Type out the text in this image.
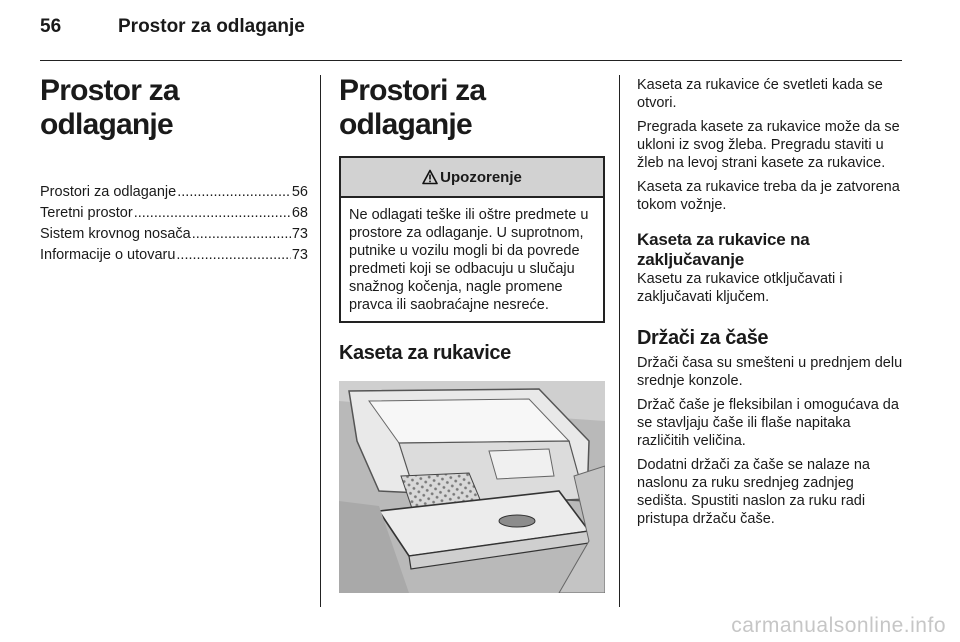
56	Prostor za odlaganje
Prostor za odlaganje
Prostori za odlaganje .....	56
Teretni prostor .....	68
Sistem krovnog nosača .....	73
Informacije o utovaru .....	73
Prostori za odlaganje
Upozorenje
Ne odlagati teške ili oštre predmete u prostore za odlaganje. U suprotnom, putnike u vozilu mogli bi da povrede predmeti koji se odbacuju u slučaju snažnog kočenja, nagle promene pravca ili saobraćajne nesreće.
Kaseta za rukavice

Kaseta za rukavice će svetleti kada se otvori.

Pregrada kasete za rukavice može da se ukloni iz svog žleba. Pregradu staviti u žleb na levoj strani kasete za rukavice.

Kaseta za rukavice treba da je zatvorena tokom vožnje.

Kaseta za rukavice na zaključavanje

Kasetu za rukavice otključavati i zaključavati ključem.

Držači za čaše

Držači časa su smešteni u prednjem delu srednje konzole.

Držač čaše je fleksibilan i omogućava da se stavljaju čaše ili flaše napitaka različitih veličina.

Dodatni držači za čaše se nalaze na naslonu za ruku srednjeg zadnjeg sedišta. Spustiti naslon za ruku radi pristupa držaču čaše.

carmanualsonline.info
